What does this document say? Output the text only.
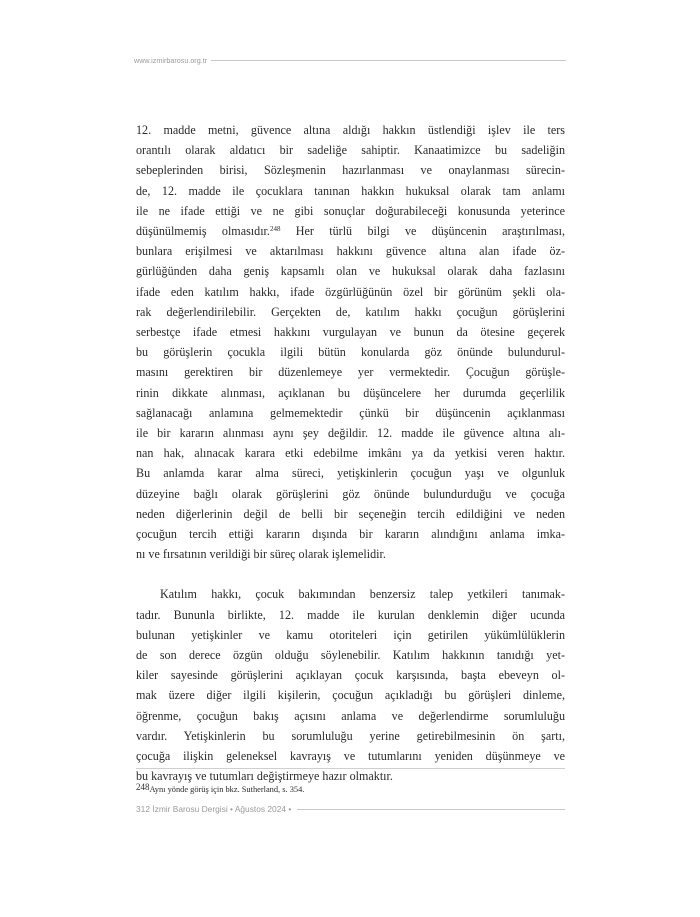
www.izmirbarosu.org.tr

12. madde metni, güvence altına aldığı hakkın üstlendiği işlev ile ters
orantılı olarak aldatıcı bir sadeliğe sahiptir. Kanaatimizce bu sadeliğin
sebeplerinden birisi, Sözleşmenin hazırlanması ve onaylanması sürecin-
de, 12. madde ile çocuklara tanınan hakkın hukuksal olarak tam anlamı
ile ne ifade ettiği ve ne gibi sonuçlar doğurabileceği konusunda yeterince
düşünülmemiş olmasıdır.$^{248}$ Her türlü bilgi ve düşüncenin araştırılması,
bunlara erişilmesi ve aktarılması hakkını güvence altına alan ifade öz-
gürlüğünden daha geniş kapsamlı olan ve hukuksal olarak daha fazlasını
ifade eden katılım hakkı, ifade özgürlüğünün özel bir görünüm şekli ola-
rak değerlendirilebilir. Gerçekten de, katılım hakkı çocuğun görüşlerini
serbestçe ifade etmesi hakkını vurgulayan ve bunun da ötesine geçerek
bu görüşlerin çocukla ilgili bütün konularda göz önünde bulundurul-
masını gerektiren bir düzenlemeye yer vermektedir. Çocuğun görüşle-
rinin dikkate alınması, açıklanan bu düşüncelere her durumda geçerlilik
sağlanacağı anlamına gelmemektedir çünkü bir düşüncenin açıklanması
ile bir kararın alınması aynı şey değildir. 12. madde ile güvence altına alı-
nan hak, alınacak karara etki edebilme imkânı ya da yetkisi veren haktır.
Bu anlamda karar alma süreci, yetişkinlerin çocuğun yaşı ve olgunluk
düzeyine bağlı olarak görüşlerini göz önünde bulundurduğu ve çocuğa
neden diğerlerinin değil de belli bir seçeneğin tercih edildiğini ve neden
çocuğun tercih ettiği kararın dışında bir kararın alındığını anlama imka-
nı ve fırsatının verildiği bir süreç olarak işlemelidir.

Katılım hakkı, çocuk bakımından benzersiz talep yetkileri tanımak-
tadır. Bununla birlikte, 12. madde ile kurulan denklemin diğer ucunda
bulunan yetişkinler ve kamu otoriteleri için getirilen yükümlülüklerin
de son derece özgün olduğu söylenebilir. Katılım hakkının tanıdığı yet-
kiler sayesinde görüşlerini açıklayan çocuk karşısında, başta ebeveyn ol-
mak üzere diğer ilgili kişilerin, çocuğun açıkladığı bu görüşleri dinleme,
öğrenme, çocuğun bakış açısını anlama ve değerlendirme sorumluluğu
vardır. Yetişkinlerin bu sorumluluğu yerine getirebilmesinin ön şartı,
çocuğa ilişkin geleneksel kavrayış ve tutumlarını yeniden düşünmeye ve
bu kavrayış ve tutumları değiştirmeye hazır olmaktır.

248Aynı yönde görüş için bkz. Sutherland, s. 354.
312 İzmir Barosu Dergisi • Ağustos 2024 •
